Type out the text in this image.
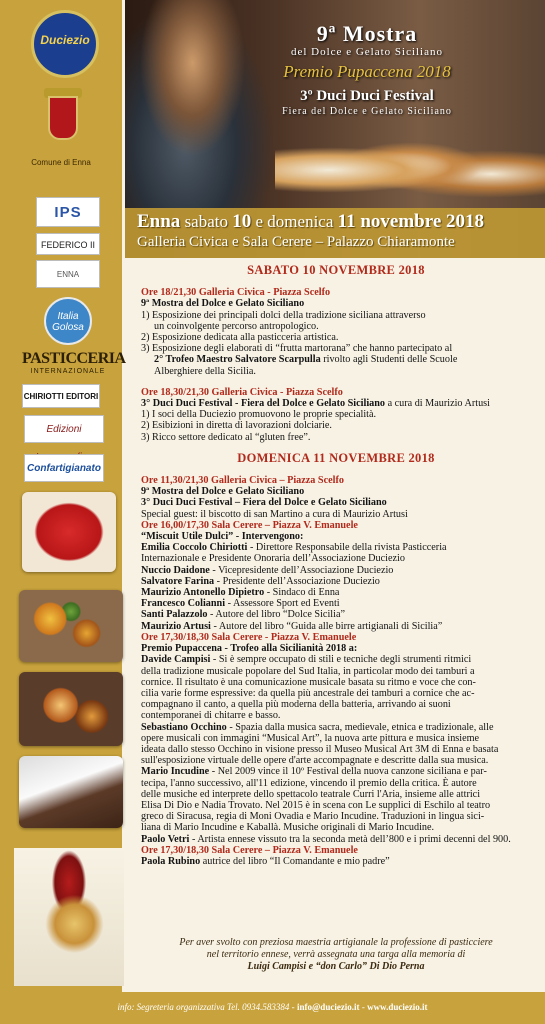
Duciezio
Comune di Enna
IPS
FEDERICO II
ENNA
Italia Golosa
PASTICCERIA
INTERNAZIONALE
CHIRIOTTI EDITORI
Edizioni
Confartigianato
9ª Mostra
del Dolce e Gelato Siciliano
Premio Pupaccena 2018
3º Duci Duci Festival
Fiera del Dolce e Gelato Siciliano
Enna sabato 10 e domenica 11 novembre 2018
Galleria Civica e Sala Cerere – Palazzo Chiaramonte
SABATO 10 NOVEMBRE 2018

Ore 18/21,30 Galleria Civica - Piazza Scelfo

9ª Mostra del Dolce e Gelato Siciliano

1) Esposizione dei principali dolci della tradizione siciliana attraverso

un coinvolgente percorso antropologico.

2) Esposizione dedicata alla pasticceria artistica.

3) Esposizione degli elaborati di “frutta martorana” che hanno partecipato al

2° Trofeo Maestro Salvatore Scarpulla rivolto agli Studenti delle Scuole

Alberghiere della Sicilia.

Ore 18,30/21,30 Galleria Civica - Piazza Scelfo

3° Duci Duci Festival - Fiera del Dolce e Gelato Siciliano a cura di Maurizio Artusi

1) I soci della Duciezio promuovono le proprie specialità.

2) Esibizioni in diretta di lavorazioni dolciarie.

3) Ricco settore dedicato al “gluten free”.

DOMENICA 11 NOVEMBRE 2018

Ore 11,30/21,30 Galleria Civica – Piazza Scelfo

9ª Mostra del Dolce e Gelato Siciliano

3° Duci Duci Festival – Fiera del Dolce e Gelato Siciliano

Special guest: il biscotto di san Martino a cura di Maurizio Artusi

Ore 16,00/17,30 Sala Cerere – Piazza V. Emanuele

“Miscuit Utile Dulci” - Intervengono:

Emilia Coccolo Chiriotti - Direttore Responsabile della rivista Pasticceria

Internazionale e Presidente Onoraria dell’Associazione Duciezio

Nuccio Daidone - Vicepresidente dell’Associazione Duciezio

Salvatore Farina - Presidente dell’Associazione Duciezio

Maurizio Antonello Dipietro - Sindaco di Enna

Francesco Colianni - Assessore Sport ed Eventi

Santi Palazzolo - Autore del libro “Dolce Sicilia”

Maurizio Artusi - Autore del libro “Guida alle birre artigianali di Sicilia”

Ore 17,30/18,30 Sala Cerere - Piazza V. Emanuele

Premio Pupaccena - Trofeo alla Sicilianità 2018 a:

Davide Campisi - Si è sempre occupato di stili e tecniche degli strumenti ritmici

della tradizione musicale popolare del Sud Italia, in particolar modo dei tamburi a

cornice. Il risultato è una comunicazione musicale basata su ritmo e voce che con-

cilia varie forme espressive: da quella più ancestrale dei tamburi a cornice che ac-

compagnano il canto, a quella più moderna della batteria, arrivando ai suoni

contemporanei di chitarre e basso.

Sebastiano Occhino - Spazia dalla musica sacra, medievale, etnica e tradizionale, alle

opere musicali con immagini “Musical Art”, la nuova arte pittura e musica insieme

ideata dallo stesso Occhino in visione presso il Museo Musical Art 3M di Enna e basata

sull'esposizione virtuale delle opere d'arte accompagnate e descritte dalla sua musica.

Mario Incudine - Nel 2009 vince il 10º Festival della nuova canzone siciliana e par-

tecipa, l'anno successivo, all'11 edizione, vincendo il premio della critica. È autore

delle musiche ed interprete dello spettacolo teatrale Curri l'Aria, insieme alle attrici

Elisa Di Dio e Nadia Trovato. Nel 2015 è in scena con Le supplici di Eschilo al teatro

greco di Siracusa, regia di Moni Ovadia e Mario Incudine. Traduzioni in lingua sici-

liana di Mario Incudine e Kaballà. Musiche originali di Mario Incudine.

Paolo Vetri - Artista ennese vissuto tra la seconda metà dell’800 e i primi decenni del 900.

Ore 17,30/18,30 Sala Cerere – Piazza V. Emanuele

Paola Rubino autrice del libro “Il Comandante e mio padre”

Per aver svolto con preziosa maestria artigianale la professione di pasticciere

nel territorio ennese, verrà assegnata una targa alla memoria di

Luigi Campisi e “don Carlo” Di Dio Perna

info: Segreteria organizzativa Tel. 0934.583384 - info@duciezio.it - www.duciezio.it
